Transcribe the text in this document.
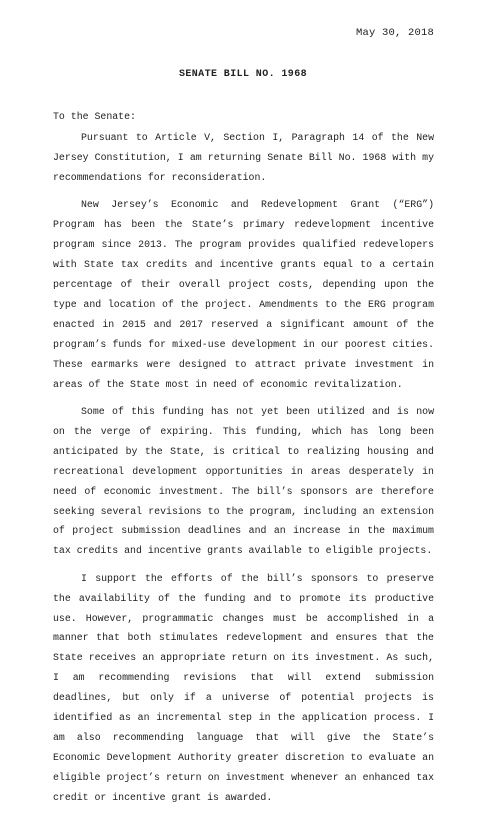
May 30, 2018
SENATE BILL NO. 1968

To the Senate:

Pursuant to Article V, Section I, Paragraph 14 of the New Jersey Constitution, I am returning Senate Bill No. 1968 with my recommendations for reconsideration.

New Jersey’s Economic and Redevelopment Grant (“ERG”) Program has been the State’s primary redevelopment incentive program since 2013. The program provides qualified redevelopers with State tax credits and incentive grants equal to a certain percentage of their overall project costs, depending upon the type and location of the project. Amendments to the ERG program enacted in 2015 and 2017 reserved a significant amount of the program’s funds for mixed-use development in our poorest cities. These earmarks were designed to attract private investment in areas of the State most in need of economic revitalization.

Some of this funding has not yet been utilized and is now on the verge of expiring. This funding, which has long been anticipated by the State, is critical to realizing housing and recreational development opportunities in areas desperately in need of economic investment. The bill’s sponsors are therefore seeking several revisions to the program, including an extension of project submission deadlines and an increase in the maximum tax credits and incentive grants available to eligible projects.

I support the efforts of the bill’s sponsors to preserve the availability of the funding and to promote its productive use. However, programmatic changes must be accomplished in a manner that both stimulates redevelopment and ensures that the State receives an appropriate return on its investment. As such, I am recommending revisions that will extend submission deadlines, but only if a universe of potential projects is identified as an incremental step in the application process. I am also recommending language that will give the State’s Economic Development Authority greater discretion to evaluate an eligible project’s return on investment whenever an enhanced tax credit or incentive grant is awarded.
